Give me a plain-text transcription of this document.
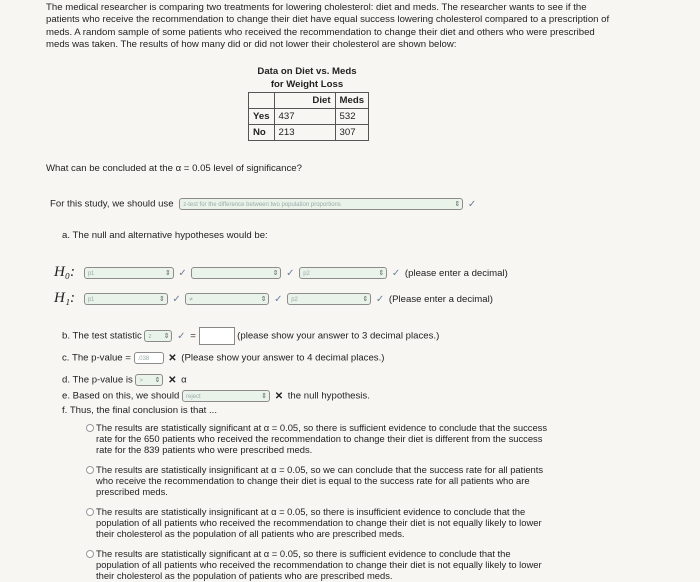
The medical researcher is comparing two treatments for lowering cholesterol: diet and meds. The researcher wants to see if the patients who receive the recommendation to change their diet have equal success lowering cholesterol compared to a prescription of meds. A random sample of some patients who received the recommendation to change their diet and others who were prescribed meds was taken. The results of how many did or did not lower their cholesterol are shown below:
Data on Diet vs. Meds
for Weight Loss
	Diet	Meds
Yes	437	532
No	213	307
What can be concluded at the α = 0.05 level of significance?
For this study, we should use z-test for the difference between two population proportions	⇕ ✓
a. The null and alternative hypotheses would be:
H₀: p1	⇕ ✓	⇕ ✓ p2	⇕ ✓ (please enter a decimal)
H₁: p1	⇕ ✓ ≠	⇕ ✓ p2	⇕ ✓ (Please enter a decimal)
b. The test statistic z ⇕ ✓ =	(please show your answer to 3 decimal places.)
c. The p-value = .038 ✕ (Please show your answer to 4 decimal places.)
d. The p-value is > ⇕ ✕ α
e. Based on this, we should reject	⇕ ✕ the null hypothesis.
f. Thus, the final conclusion is that ...
The results are statistically significant at α = 0.05, so there is sufficient evidence to conclude that the success rate for the 650 patients who received the recommendation to change their diet is different from the success rate for the 839 patients who were prescribed meds.
The results are statistically insignificant at α = 0.05, so we can conclude that the success rate for all patients who receive the recommendation to change their diet is equal to the success rate for all patients who are prescribed meds.
The results are statistically insignificant at α = 0.05, so there is insufficient evidence to conclude that the population of all patients who received the recommendation to change their diet is not equally likely to lower their cholesterol as the population of all patients who are prescribed meds.
The results are statistically significant at α = 0.05, so there is sufficient evidence to conclude that the population of all patients who received the recommendation to change their diet is not equally likely to lower their cholesterol as the population of patients who are prescribed meds.
